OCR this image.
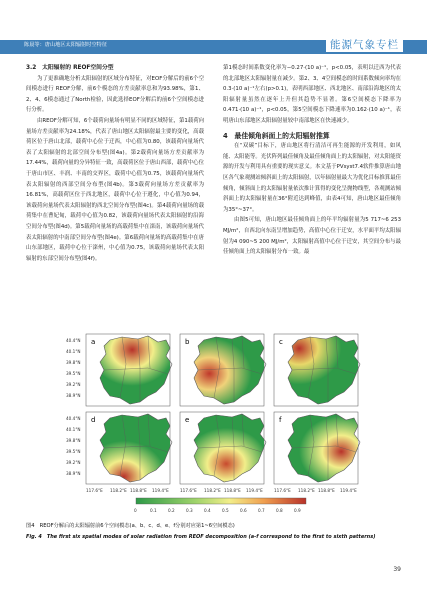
陈晨等：唐山地区太阳辐射时空特征	能源气象专栏

3.2　太阳辐射的 REOF空间分型

为了更准确地分析太阳辐射的区域分布特征，对EOF分解后的前6个空间模态进行 REOF分解，前6个模态的方差贡献率总和为93.98%，第1、2、4、6模态通过了North检验，因此选择EOF分解后的前6个空间模态进行分析。

由REOF分解可知，6个载荷向量场有明显不同的区域特征，第1载荷向量场方差贡献率为24.18%，代表了唐山地区太阳辐射最主要的变化，高载荷区位于唐山北部，载荷中心位于迁西，中心值为0.80，该载荷向量场代表了太阳辐射的北部空间分布型(图4a)。第2载荷向量场方差贡献率为17.44%，载荷向量的分异特征一致，高载荷区位于唐山西部，载荷中心位于唐山市区、丰润、丰南的交界区，载荷中心值为0.75，该载荷向量场代表太阳辐射的西部空间分布型(图4b)。第3载荷向量场方差贡献率为16.81%，高载荷区位于西北地区，载荷中心位于遵化，中心值为0.94，该载荷向量场代表太阳辐射的西北空间分布型(图4c)。第4载荷向量场的载荷集中在曹妃甸，载荷中心值为0.82，该载荷向量场代表太阳辐射的沿海空间分布型(图4d)。第5载荷向量场的高载荷集中在滦南，该载荷向量场代表太阳辐射的中南部空间分布型(图4e)。第6载荷向量场的高载荷集中在唐山东部地区，载荷中心位于滦州，中心值为0.75，该载荷向量场代表太阳辐射的东部空间分布型(图4f)。

第1模态时间系数变化率为−0.27·(10 a)⁻¹，p<0.05，表明以迁西为代表的北部地区太阳辐射量在减少。第2、3、4空间模态的时间系数倾向率均在0.3·(10 a)⁻¹左右(p>0.1)，表明西部地区、西北地区、南部沿海地区的太阳辐射量虽然在逐年上升但其趋势不显著。第6空间模态下降率为0.471·(10 a)⁻¹，p<0.05，第5空间模态下降速率为0.162·(10 a)⁻¹，表明唐山东部地区太阳辐射量较中南部地区在快速减少。

4　最佳倾角斜面上的太阳辐射推算

在“双碳”目标下，唐山地区将行清洁可再生能源的开发利用，如风能、太阳能等。光伏阵列最佳倾角及最佳倾角面上的太阳辐射，对太阳能资源的开发与利用具有重要的现实意义。本文基于PVsyst7.4软件推算唐山地区各气象观测站倾斜面上的太阳辐射，以年辐射量最大为优化目标推算最佳倾角，倾斜面上的太阳辐射量依次推计算得的变化呈抛物线型，各观测站倾斜面上的太阳辐射量在36°附近达到峰值，由表4可知，唐山地区最佳倾角为35°~37°。

由图5可知，唐山地区最佳倾角面上的年平均辐射量为5 717~6 253 MJ/m²，自西北向东南呈增加趋势，高值中心位于迁安，水平面平均太阳辐射为4 090~5 200 MJ/m²，太阳辐射高值中心位于迁安，其空间分布与最佳倾角面上的太阳辐射分布一致。最

40.4°N
40.1°N
39.8°N
39.5°N
39.2°N
38.9°N
40.4°N
40.1°N
39.8°N
39.5°N
39.2°N
38.9°N
a	b	c
d	e	f
117.6°E 118.2°E 118.8°E 119.4°E	117.6°E 118.2°E 118.8°E 119.4°E	117.6°E 118.2°E 118.8°E 119.4°E
0	0.1	0.2	0.3	0.4	0.5	0.6	0.7	0.8	0.9
图4　REOF分解后的太阳辐射前6个空间模态(a、b、c、d、e、f分别对应第1~6空间模态)
Fig. 4　The first six spatial modes of solar radiation from REOF decomposition (a-f correspond to the first to sixth patterns)
39
